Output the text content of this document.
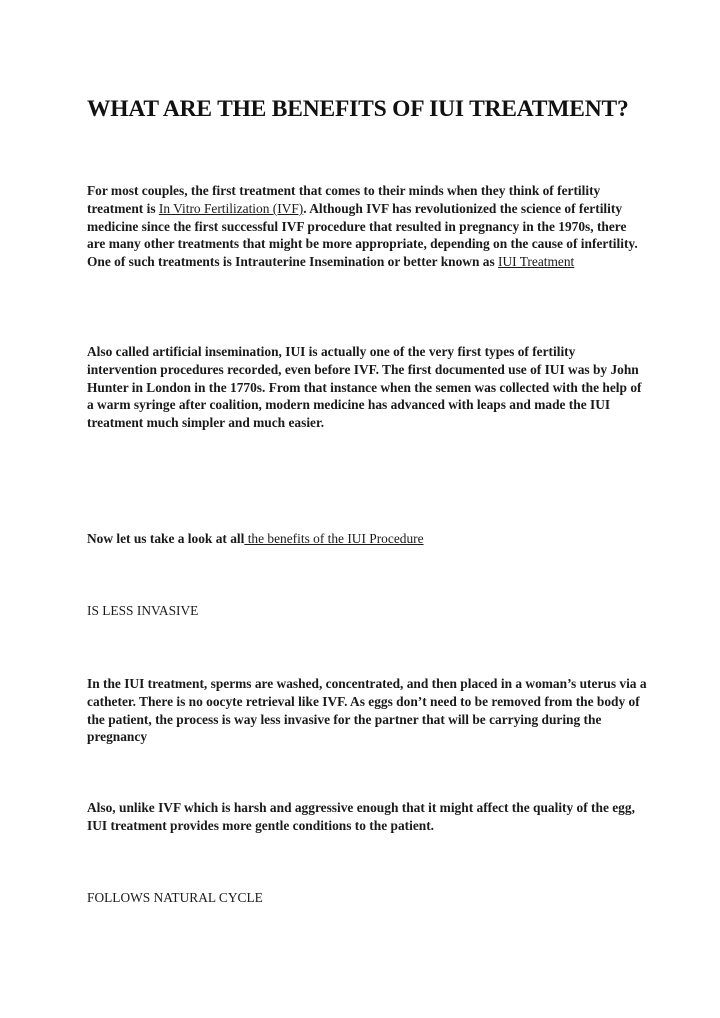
WHAT ARE THE BENEFITS OF IUI TREATMENT?

For most couples, the first treatment that comes to their minds when they think of fertility treatment is In Vitro Fertilization (IVF). Although IVF has revolutionized the science of fertility medicine since the first successful IVF procedure that resulted in pregnancy in the 1970s, there are many other treatments that might be more appropriate, depending on the cause of infertility. One of such treatments is Intrauterine Insemination or better known as IUI Treatment

Also called artificial insemination, IUI is actually one of the very first types of fertility intervention procedures recorded, even before IVF. The first documented use of IUI was by John Hunter in London in the 1770s. From that instance when the semen was collected with the help of a warm syringe after coalition, modern medicine has advanced with leaps and made the IUI treatment much simpler and much easier.

Now let us take a look at all the benefits of the IUI Procedure

IS LESS INVASIVE

In the IUI treatment, sperms are washed, concentrated, and then placed in a woman’s uterus via a catheter. There is no oocyte retrieval like IVF. As eggs don’t need to be removed from the body of the patient, the process is way less invasive for the partner that will be carrying during the pregnancy

Also, unlike IVF which is harsh and aggressive enough that it might affect the quality of the egg, IUI treatment provides more gentle conditions to the patient.

FOLLOWS NATURAL CYCLE
